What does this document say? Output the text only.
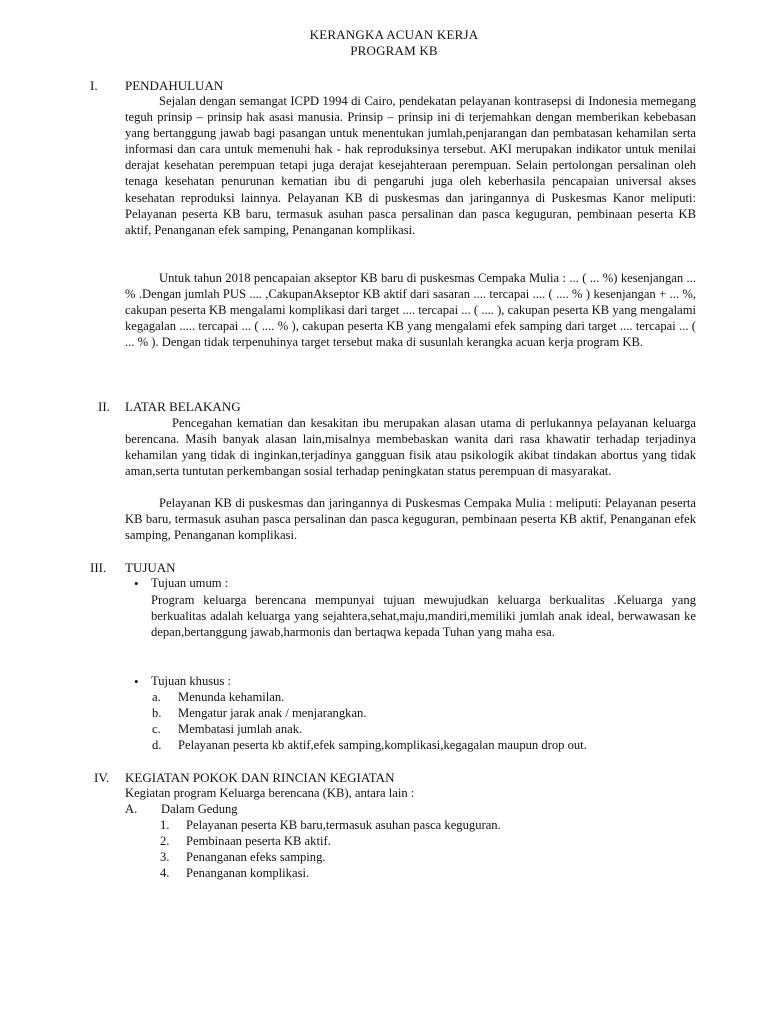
KERANGKA ACUAN KERJA
PROGRAM KB
I. PENDAHULUAN

Sejalan dengan semangat ICPD 1994 di Cairo, pendekatan pelayanan kontrasepsi di Indonesia memegang teguh prinsip – prinsip hak asasi manusia. Prinsip – prinsip ini di terjemahkan dengan memberikan kebebasan yang bertanggung jawab bagi pasangan untuk menentukan jumlah,penjarangan dan pembatasan kehamilan serta informasi dan cara untuk memenuhi hak - hak reproduksinya tersebut. AKI merupakan indikator untuk menilai derajat kesehatan perempuan tetapi juga derajat kesejahteraan perempuan. Selain pertolongan persalinan oleh tenaga kesehatan penurunan kematian ibu di pengaruhi juga oleh keberhasila pencapaian universal akses kesehatan reproduksi lainnya. Pelayanan KB di puskesmas dan jaringannya di Puskesmas Kanor meliputi: Pelayanan peserta KB baru, termasuk asuhan pasca persalinan dan pasca keguguran, pembinaan peserta KB aktif, Penanganan efek samping, Penanganan komplikasi.

Untuk tahun 2018 pencapaian akseptor KB baru di puskesmas Cempaka Mulia : ... ( ... %) kesenjangan ... % .Dengan jumlah PUS .... ,CakupanAkseptor KB aktif dari sasaran .... tercapai .... ( .... % ) kesenjangan + ... %, cakupan peserta KB mengalami komplikasi dari target .... tercapai ... ( .... ), cakupan peserta KB yang mengalami kegagalan ..... tercapai ... ( .... % ), cakupan peserta KB yang mengalami efek samping dari target .... tercapai ... ( ... % ). Dengan tidak terpenuhinya target tersebut maka di susunlah kerangka acuan kerja program KB.

II. LATAR BELAKANG

Pencegahan kematian dan kesakitan ibu merupakan alasan utama di perlukannya pelayanan keluarga berencana. Masih banyak alasan lain,misalnya membebaskan wanita dari rasa khawatir terhadap terjadinya kehamilan yang tidak di inginkan,terjadinya gangguan fisik atau psikologik akibat tindakan abortus yang tidak aman,serta tuntutan perkembangan sosial terhadap peningkatan status perempuan di masyarakat.

Pelayanan KB di puskesmas dan jaringannya di Puskesmas Cempaka Mulia : meliputi: Pelayanan peserta KB baru, termasuk asuhan pasca persalinan dan pasca keguguran, pembinaan peserta KB aktif, Penanganan efek samping, Penanganan komplikasi.

III. TUJUAN
• Tujuan umum :

Program keluarga berencana mempunyai tujuan mewujudkan keluarga berkualitas .Keluarga yang berkualitas adalah keluarga yang sejahtera,sehat,maju,mandiri,memiliki jumlah anak ideal, berwawasan ke depan,bertanggung jawab,harmonis dan bertaqwa kepada Tuhan yang maha esa.

• Tujuan khusus :
a. Menunda kehamilan.
b. Mengatur jarak anak / menjarangkan.
c. Membatasi jumlah anak.
d. Pelayanan peserta kb aktif,efek samping,komplikasi,kegagalan maupun drop out.
IV. KEGIATAN POKOK DAN RINCIAN KEGIATAN
Kegiatan program Keluarga berencana (KB), antara lain :
A. Dalam Gedung
1. Pelayanan peserta KB baru,termasuk asuhan pasca keguguran.
2. Pembinaan peserta KB aktif.
3. Penanganan efeks samping.
4. Penanganan komplikasi.
